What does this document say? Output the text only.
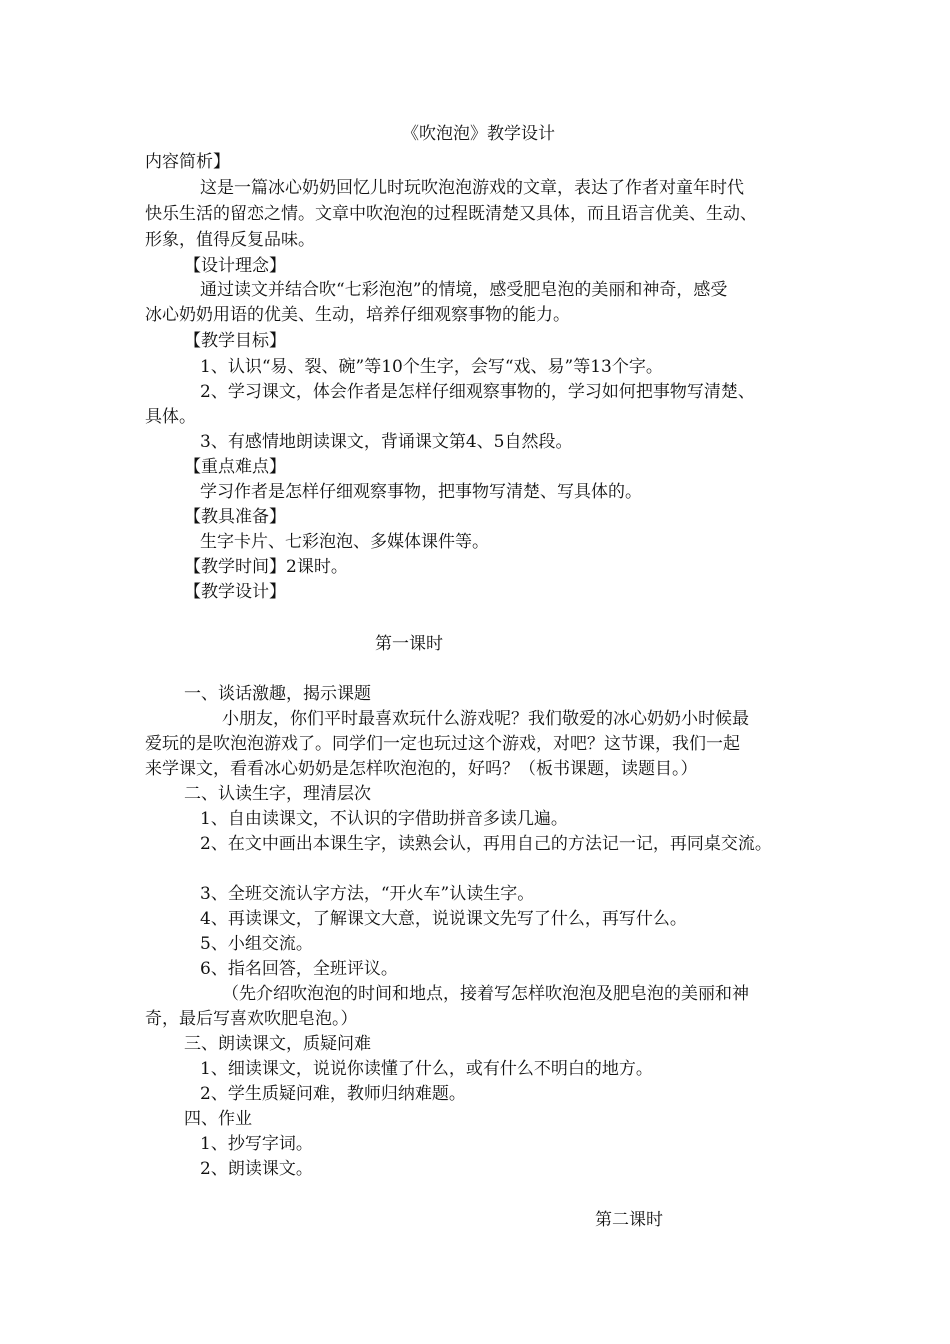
《吹泡泡》教学设计
内容简析】
这是一篇冰心奶奶回忆儿时玩吹泡泡游戏的文章，表达了作者对童年时代
快乐生活的留恋之情。文章中吹泡泡的过程既清楚又具体，而且语言优美、生动、
形象，值得反复品味。
【设计理念】
通过读文并结合吹“七彩泡泡”的情境，感受肥皂泡的美丽和神奇，感受
冰心奶奶用语的优美、生动，培养仔细观察事物的能力。
【教学目标】
1、认识“易、裂、碗”等10个生字，会写“戏、易”等13个字。
2、学习课文，体会作者是怎样仔细观察事物的，学习如何把事物写清楚、
具体。
3、有感情地朗读课文，背诵课文第4、5自然段。
【重点难点】
学习作者是怎样仔细观察事物，把事物写清楚、写具体的。
【教具准备】
生字卡片、七彩泡泡、多媒体课件等。
【教学时间】2课时。
【教学设计】
第一课时
一、谈话激趣，揭示课题
小朋友，你们平时最喜欢玩什么游戏呢？我们敬爱的冰心奶奶小时候最
爱玩的是吹泡泡游戏了。同学们一定也玩过这个游戏，对吧？这节课，我们一起
来学课文，看看冰心奶奶是怎样吹泡泡的，好吗？（板书课题，读题目。）
二、认读生字，理清层次
1、自由读课文，不认识的字借助拼音多读几遍。
2、在文中画出本课生字，读熟会认，再用自己的方法记一记，再同桌交流。
3、全班交流认字方法，“开火车”认读生字。
4、再读课文，了解课文大意，说说课文先写了什么，再写什么。
5、小组交流。
6、指名回答，全班评议。
（先介绍吹泡泡的时间和地点，接着写怎样吹泡泡及肥皂泡的美丽和神
奇，最后写喜欢吹肥皂泡。）
三、朗读课文，质疑问难
1、细读课文，说说你读懂了什么，或有什么不明白的地方。
2、学生质疑问难，教师归纳难题。
四、作业
1、抄写字词。
2、朗读课文。
第二课时
